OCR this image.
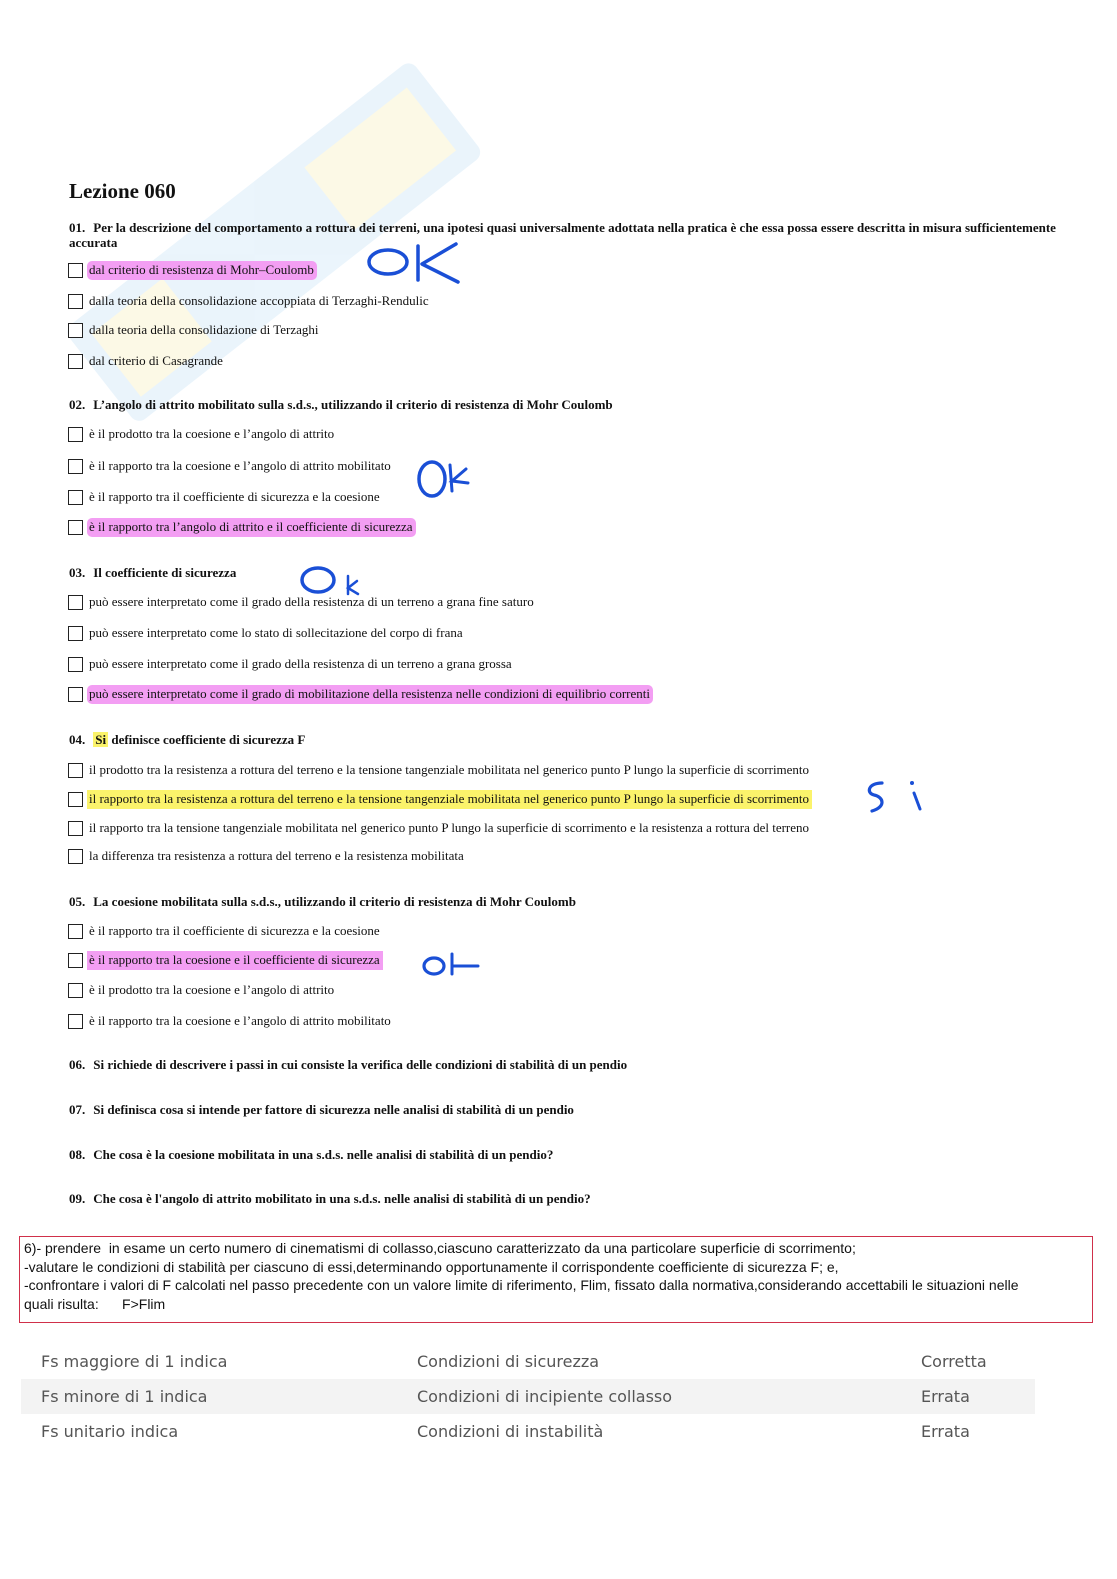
Lezione 060
01. Per la descrizione del comportamento a rottura dei terreni, una ipotesi quasi universalmente adottata nella pratica è che essa possa essere descritta in misura sufficientemente accurata
dal criterio di resistenza di Mohr–Coulomb
dalla teoria della consolidazione accoppiata di Terzaghi-Rendulic
dalla teoria della consolidazione di Terzaghi
dal criterio di Casagrande
02. L’angolo di attrito mobilitato sulla s.d.s., utilizzando il criterio di resistenza di Mohr Coulomb
è il prodotto tra la coesione e l’angolo di attrito
è il rapporto tra la coesione e l’angolo di attrito mobilitato
è il rapporto tra il coefficiente di sicurezza e la coesione
è il rapporto tra l’angolo di attrito e il coefficiente di sicurezza
03. Il coefficiente di sicurezza
può essere interpretato come il grado della resistenza di un terreno a grana fine saturo
può essere interpretato come lo stato di sollecitazione del corpo di frana
può essere interpretato come il grado della resistenza di un terreno a grana grossa
può essere interpretato come il grado di mobilitazione della resistenza nelle condizioni di equilibrio correnti
04. Si definisce coefficiente di sicurezza F
il prodotto tra la resistenza a rottura del terreno e la tensione tangenziale mobilitata nel generico punto P lungo la superficie di scorrimento
il rapporto tra la resistenza a rottura del terreno e la tensione tangenziale mobilitata nel generico punto P lungo la superficie di scorrimento
il rapporto tra la tensione tangenziale mobilitata nel generico punto P lungo la superficie di scorrimento e la resistenza a rottura del terreno
la differenza tra resistenza a rottura del terreno e la resistenza mobilitata
05. La coesione mobilitata sulla s.d.s., utilizzando il criterio di resistenza di Mohr Coulomb
è il rapporto tra il coefficiente di sicurezza e la coesione
è il rapporto tra la coesione e il coefficiente di sicurezza
è il prodotto tra la coesione e l’angolo di attrito
è il rapporto tra la coesione e l’angolo di attrito mobilitato
06. Si richiede di descrivere i passi in cui consiste la verifica delle condizioni di stabilità di un pendio
07. Si definisca cosa si intende per fattore di sicurezza nelle analisi di stabilità di un pendio
08. Che cosa è la coesione mobilitata in una s.d.s. nelle analisi di stabilità di un pendio?
09. Che cosa è l'angolo di attrito mobilitato in una s.d.s. nelle analisi di stabilità di un pendio?
6)- prendere  in esame un certo numero di cinematismi di collasso,ciascuno caratterizzato da una particolare superficie di scorrimento;
-valutare le condizioni di stabilità per ciascuno di essi,determinando opportunamente il corrispondente coefficiente di sicurezza F; e,
-confrontare i valori di F calcolati nel passo precedente con un valore limite di riferimento, Flim, fissato dalla normativa,considerando accettabili le situazioni nelle
quali risulta:      F>Flim
Fs maggiore di 1 indica	Condizioni di sicurezza	Corretta
Fs minore di 1 indica	Condizioni di incipiente collasso	Errata
Fs unitario indica	Condizioni di instabilità	Errata
